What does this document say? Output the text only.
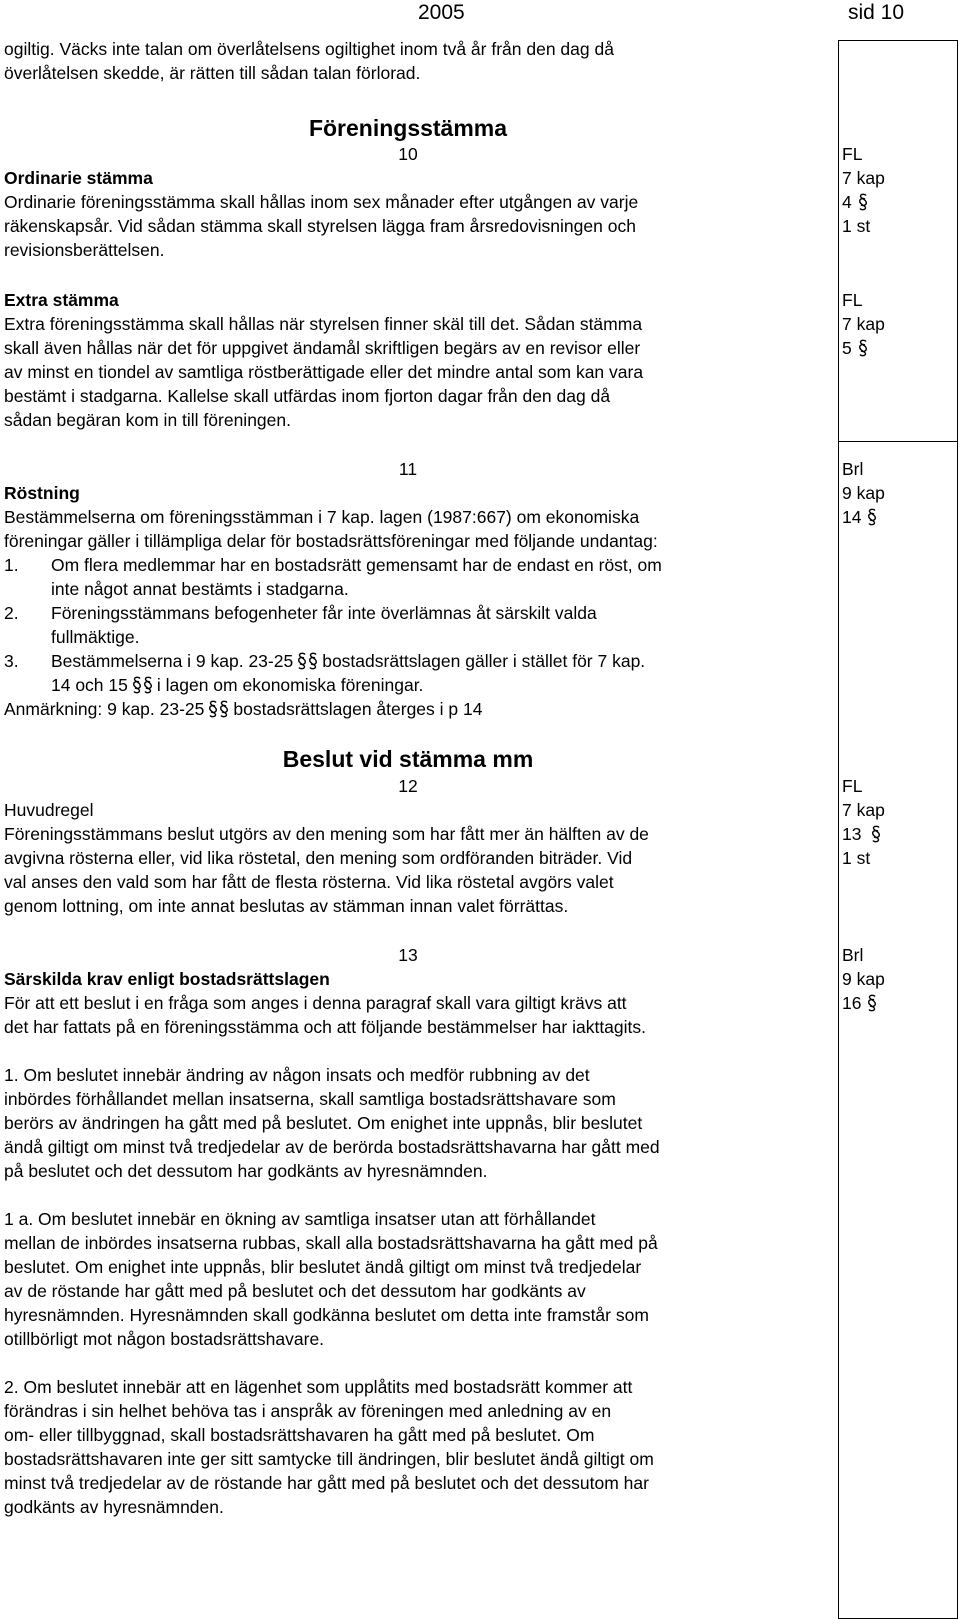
2005	sid 10
ogiltig. Väcks inte talan om överlåtelsens ogiltighet inom två år från den dag då
överlåtelsen skedde, är rätten till sådan talan förlorad.
Föreningsstämma
10
Ordinarie stämma
Ordinarie föreningsstämma skall hållas inom sex månader efter utgången av varje
räkenskapsår. Vid sådan stämma skall styrelsen lägga fram årsredovisningen och
revisionsberättelsen.
Extra stämma
Extra föreningsstämma skall hållas när styrelsen finner skäl till det. Sådan stämma
skall även hållas när det för uppgivet ändamål skriftligen begärs av en revisor eller
av minst en tiondel av samtliga röstberättigade eller det mindre antal som kan vara
bestämt i stadgarna. Kallelse skall utfärdas inom fjorton dagar från den dag då
sådan begäran kom in till föreningen.
11
Röstning
Bestämmelserna om föreningsstämman i 7 kap. lagen (1987:667) om ekonomiska
föreningar gäller i tillämpliga delar för bostadsrättsföreningar med följande undantag:
1. Om flera medlemmar har en bostadsrätt gemensamt har de endast en röst, om
inte något annat bestämts i stadgarna.
2. Föreningsstämmans befogenheter får inte överlämnas åt särskilt valda
fullmäktige.
3. Bestämmelserna i 9 kap. 23-25 bostadsrättslagen gäller i stället för 7 kap.
14 och 15 i lagen om ekonomiska föreningar.
Anmärkning: 9 kap. 23-25 bostadsrättslagen återges i p 14
Beslut vid stämma mm
12
Huvudregel
Föreningsstämmans beslut utgörs av den mening som har fått mer än hälften av de
avgivna rösterna eller, vid lika röstetal, den mening som ordföranden biträder. Vid
val anses den vald som har fått de flesta rösterna. Vid lika röstetal avgörs valet
genom lottning, om inte annat beslutas av stämman innan valet förrättas.
13
Särskilda krav enligt bostadsrättslagen
För att ett beslut i en fråga som anges i denna paragraf skall vara giltigt krävs att
det har fattats på en föreningsstämma och att följande bestämmelser har iakttagits.
1. Om beslutet innebär ändring av någon insats och medför rubbning av det
inbördes förhållandet mellan insatserna, skall samtliga bostadsrättshavare som
berörs av ändringen ha gått med på beslutet. Om enighet inte uppnås, blir beslutet
ändå giltigt om minst två tredjedelar av de berörda bostadsrättshavarna har gått med
på beslutet och det dessutom har godkänts av hyresnämnden.
1 a. Om beslutet innebär en ökning av samtliga insatser utan att förhållandet
mellan de inbördes insatserna rubbas, skall alla bostadsrättshavarna ha gått med på
beslutet. Om enighet inte uppnås, blir beslutet ändå giltigt om minst två tredjedelar
av de röstande har gått med på beslutet och det dessutom har godkänts av
hyresnämnden. Hyresnämnden skall godkänna beslutet om detta inte framstår som
otillbörligt mot någon bostadsrättshavare.
2. Om beslutet innebär att en lägenhet som upplåtits med bostadsrätt kommer att
förändras i sin helhet behöva tas i anspråk av föreningen med anledning av en
om- eller tillbyggnad, skall bostadsrättshavaren ha gått med på beslutet. Om
bostadsrättshavaren inte ger sitt samtycke till ändringen, blir beslutet ändå giltigt om
minst två tredjedelar av de röstande har gått med på beslutet och det dessutom har
godkänts av hyresnämnden.
FL
7 kap
4
1 st
FL
7 kap
5
Brl
9 kap
14
FL
7 kap
13
1 st
Brl
9 kap
16
